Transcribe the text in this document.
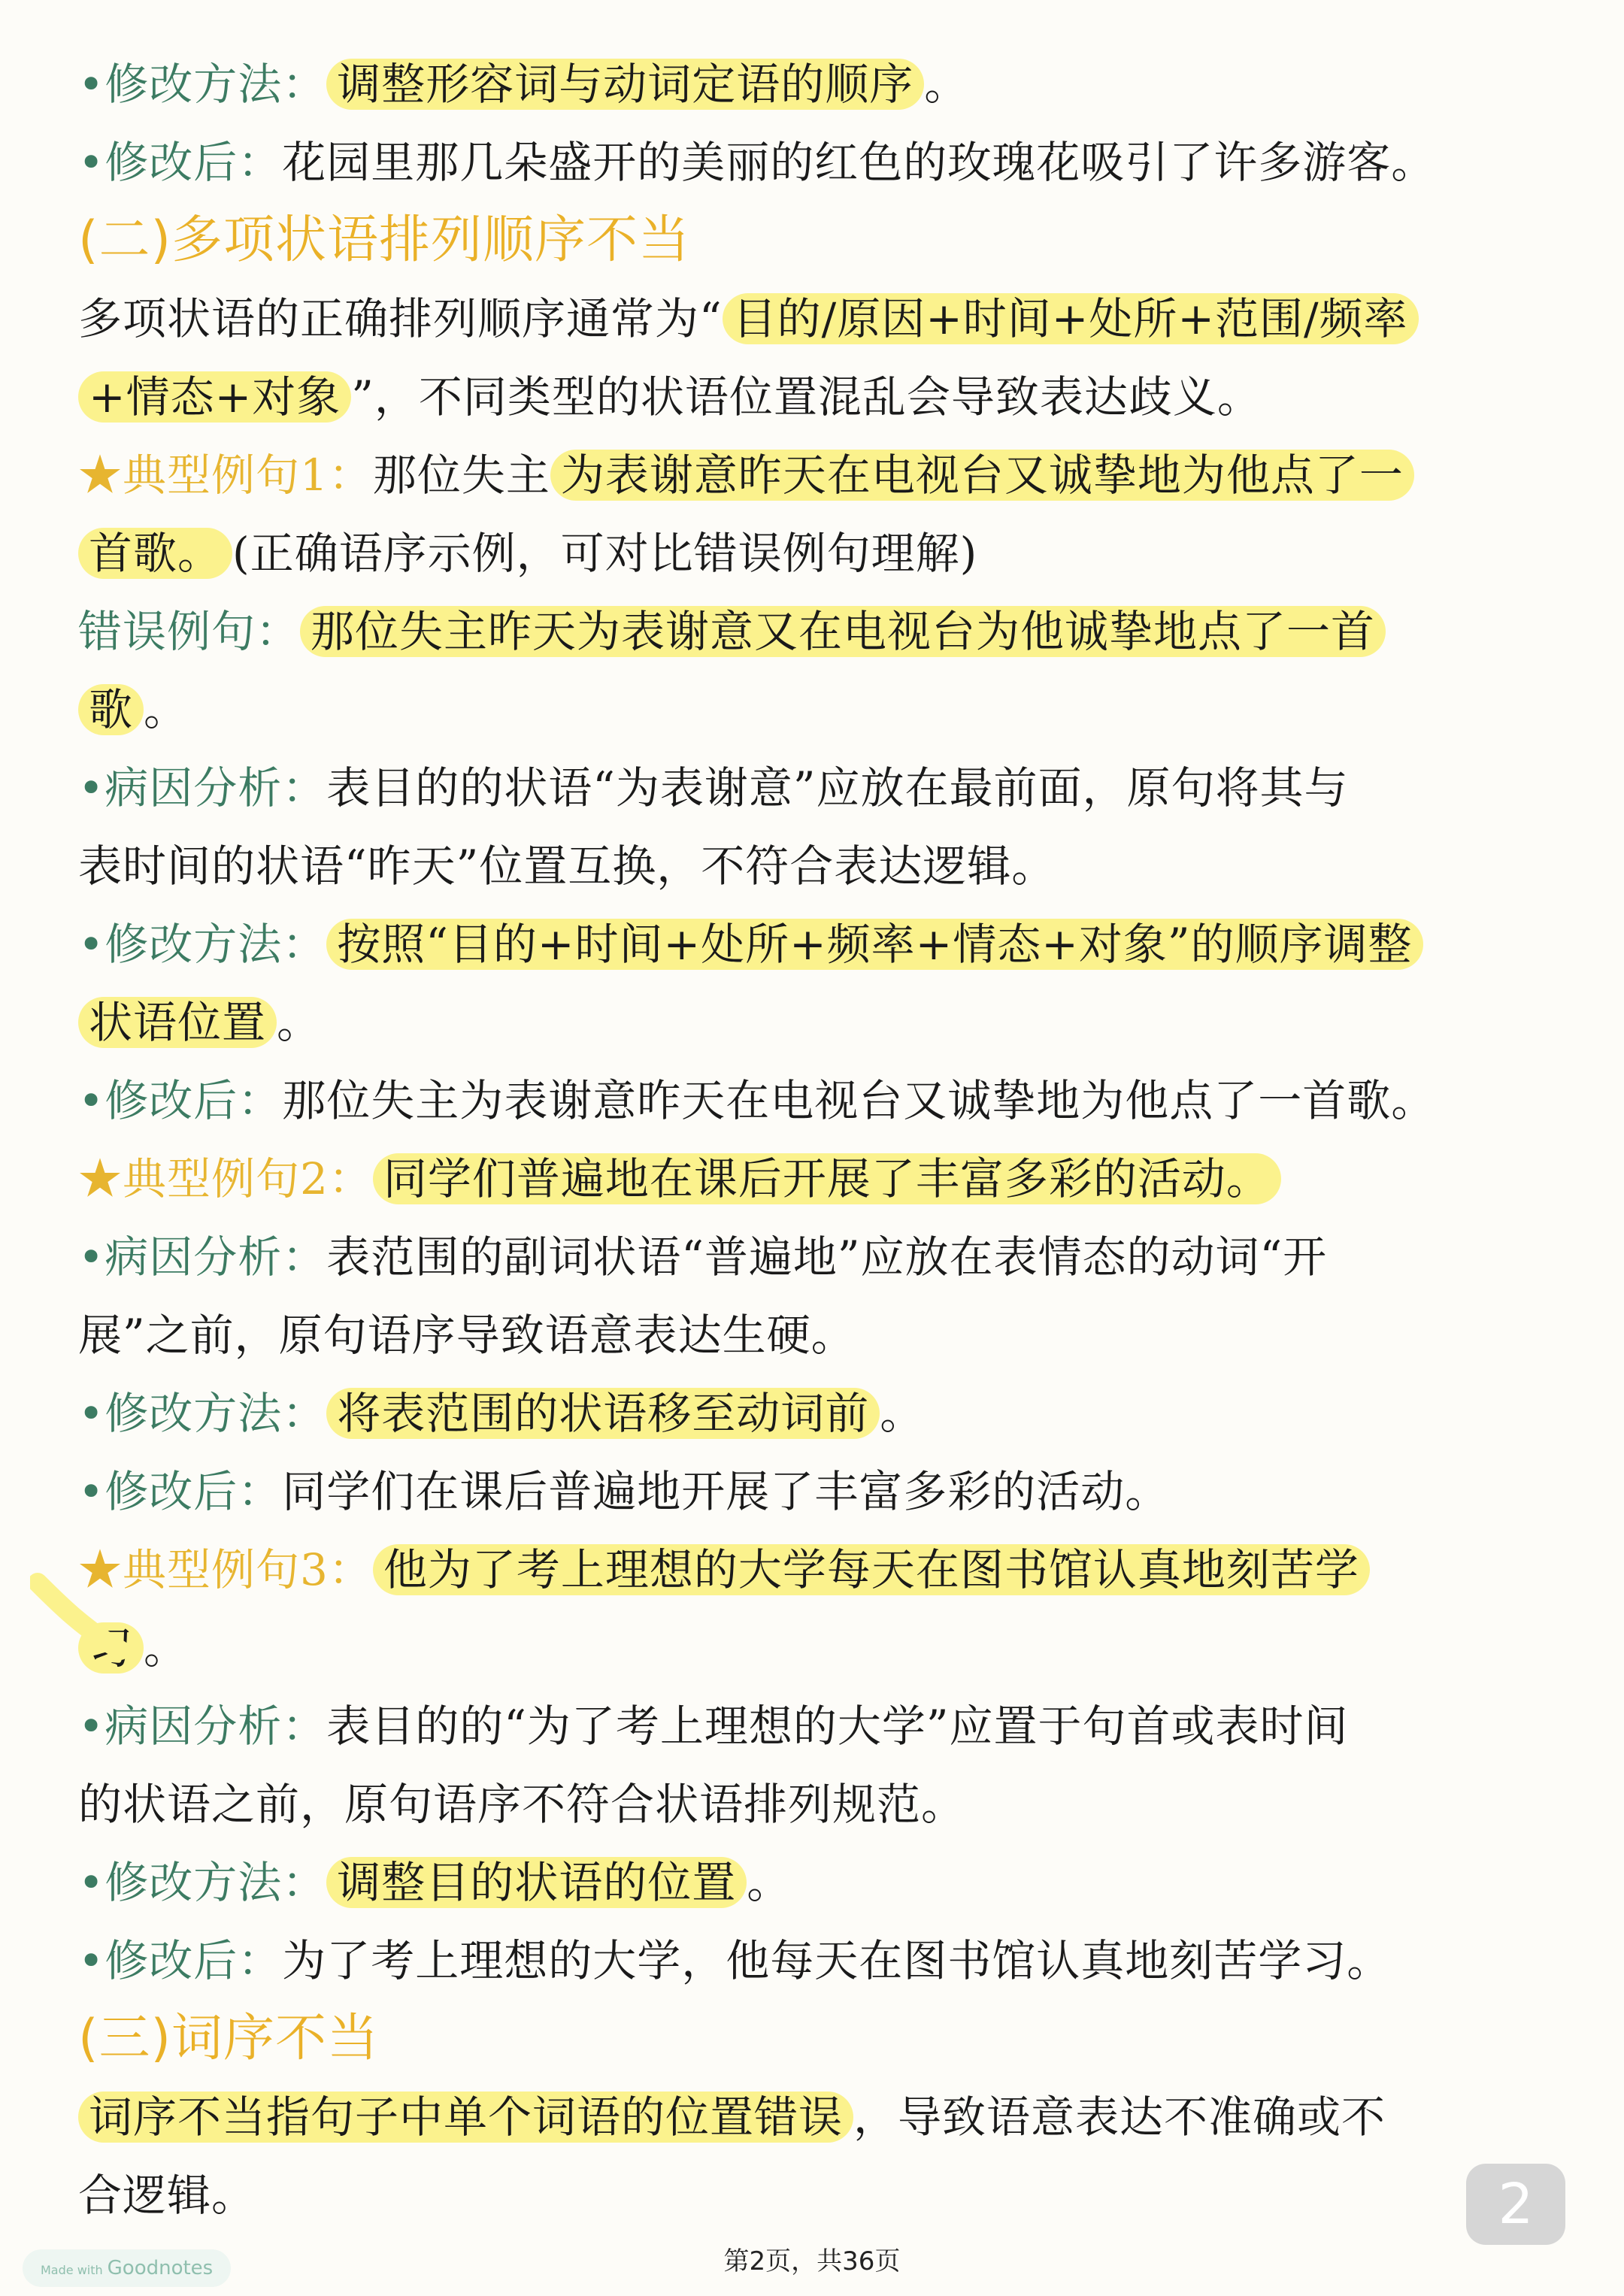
•修改方法： 调整形容词与动词定语的顺序 。
•修改后：花园里那几朵盛开的美丽的红色的玫瑰花吸引了许多游客。
(二)多项状语排列顺序不当
多项状语的正确排列顺序通常为“ 目的/原因+时间+处所+范围/频率
+情态+对象 ”，不同类型的状语位置混乱会导致表达歧义。
★典型例句1：那位失主 为表谢意昨天在电视台又诚挚地为他点了一
首歌。 (正确语序示例，可对比错误例句理解)
错误例句： 那位失主昨天为表谢意又在电视台为他诚挚地点了一首
歌 。
•病因分析：表目的的状语“为表谢意”应放在最前面，原句将其与
表时间的状语“昨天”位置互换，不符合表达逻辑。
•修改方法： 按照“目的+时间+处所+频率+情态+对象”的顺序调整
状语位置 。
•修改后：那位失主为表谢意昨天在电视台又诚挚地为他点了一首歌。
★典型例句2： 同学们普遍地在课后开展了丰富多彩的活动。
•病因分析：表范围的副词状语“普遍地”应放在表情态的动词“开
展”之前，原句语序导致语意表达生硬。
•修改方法： 将表范围的状语移至动词前 。
•修改后：同学们在课后普遍地开展了丰富多彩的活动。
★典型例句3： 他为了考上理想的大学每天在图书馆认真地刻苦学
习 。
•病因分析：表目的的“为了考上理想的大学”应置于句首或表时间
的状语之前，原句语序不符合状语排列规范。
•修改方法： 调整目的状语的位置 。
•修改后：为了考上理想的大学，他每天在图书馆认真地刻苦学习。
(三)词序不当
词序不当指句子中单个词语的位置错误 ，导致语意表达不准确或不
合逻辑。	2
第2页，共36页
Made with Goodnotes
